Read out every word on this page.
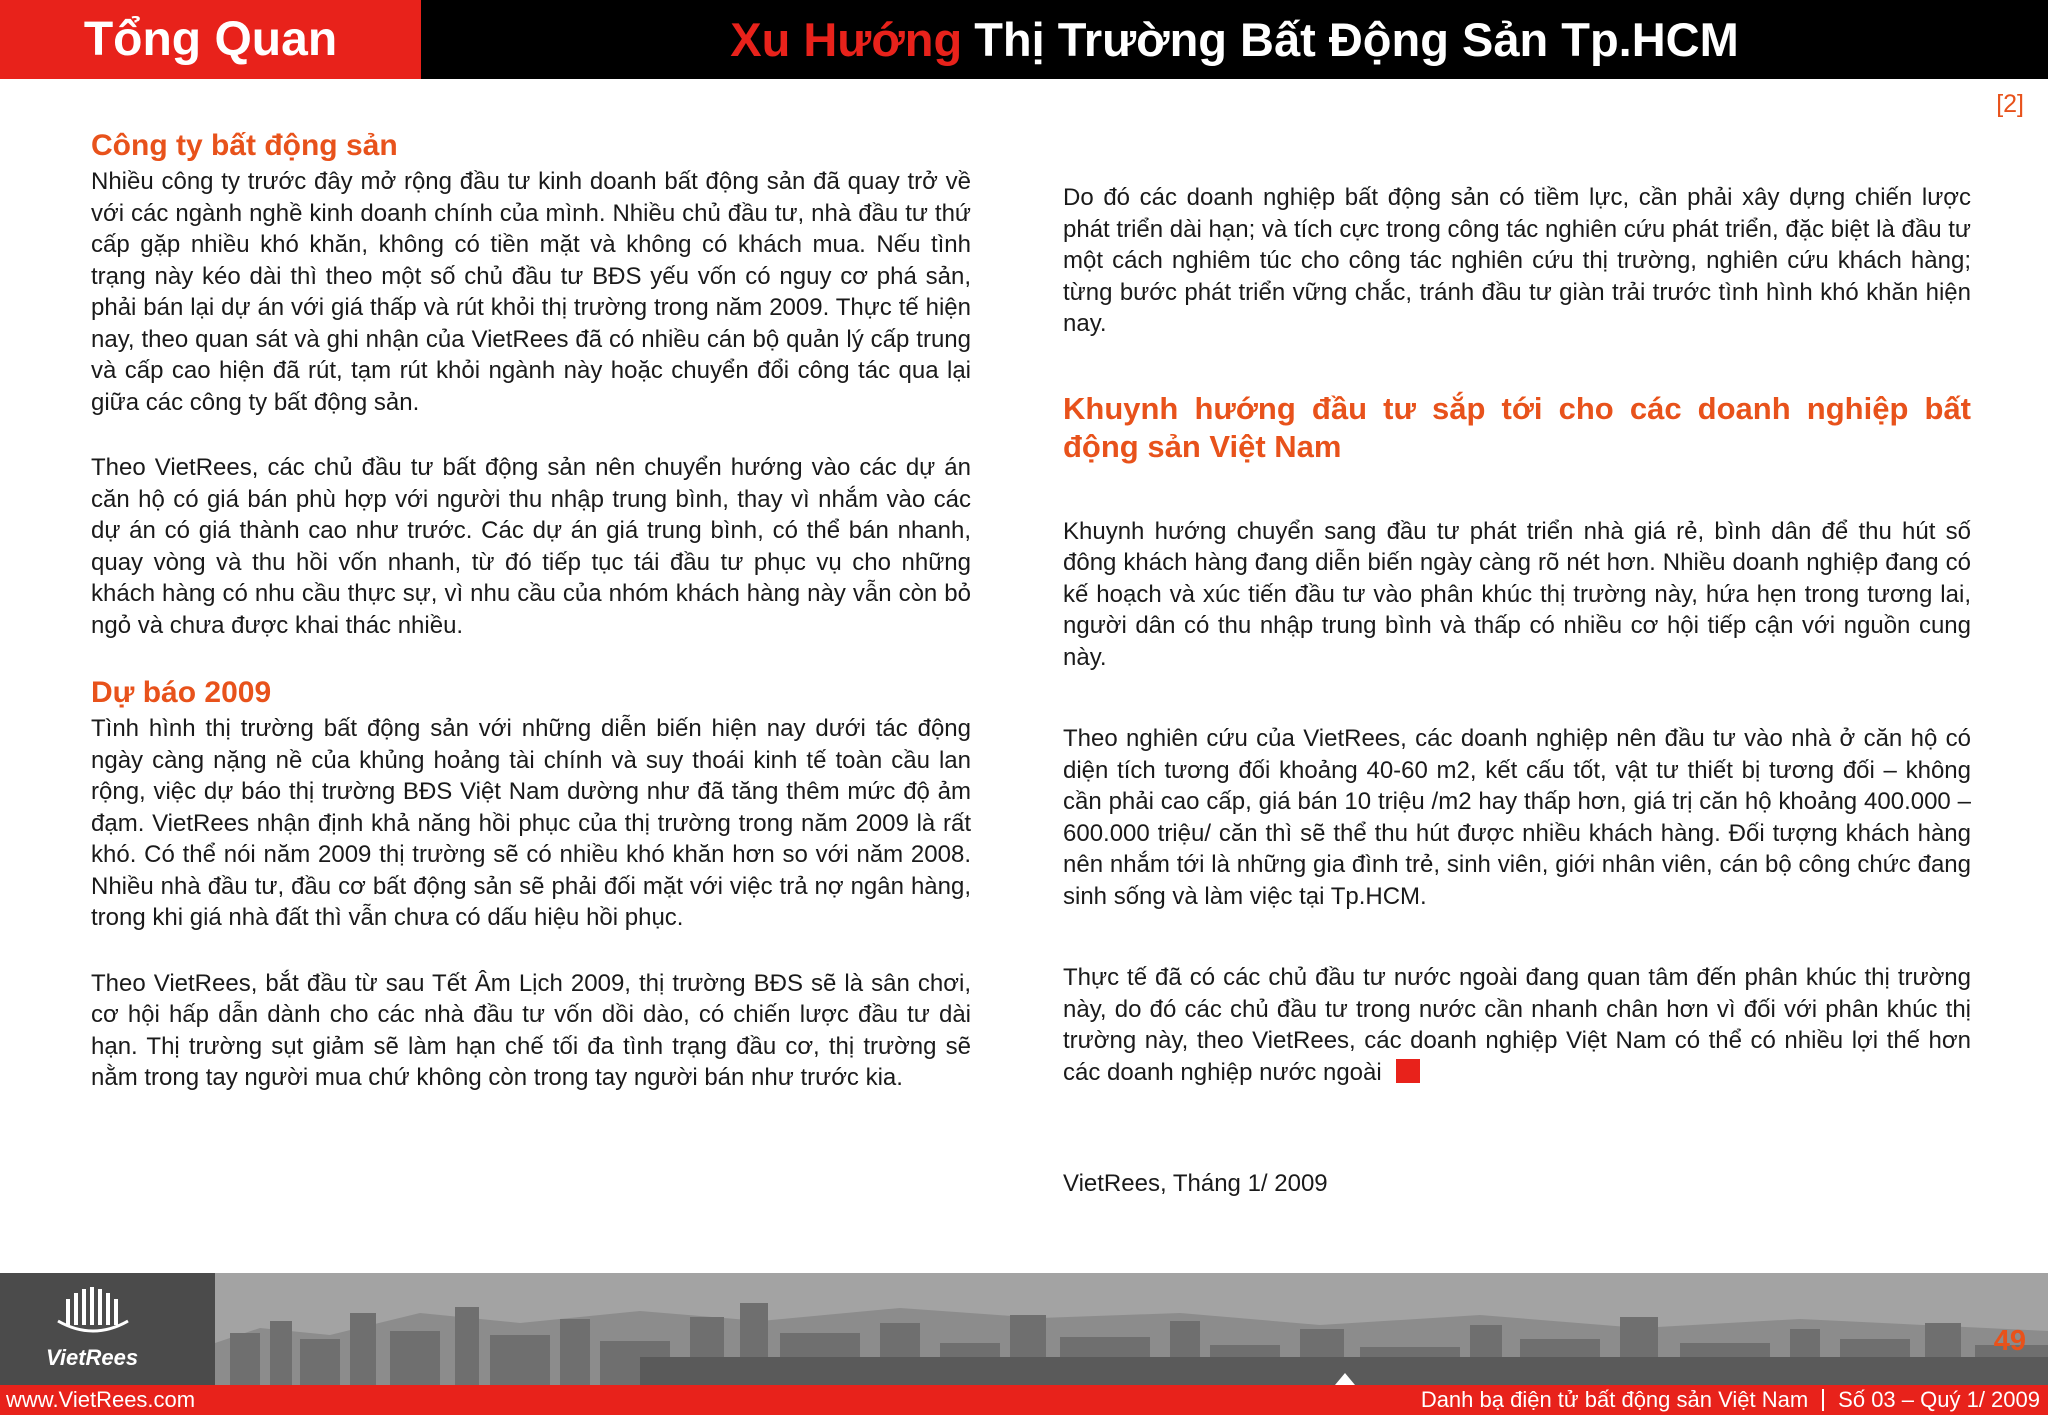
Tổng Quan	Xu Hướng Thị Trường Bất Động Sản Tp.HCM
[2]
Công ty bất động sản

Nhiều công ty trước đây mở rộng đầu tư kinh doanh bất động sản đã quay trở về với các ngành nghề kinh doanh chính của mình. Nhiều chủ đầu tư, nhà đầu tư thứ cấp gặp nhiều khó khăn, không có tiền mặt và không có khách mua. Nếu tình trạng này kéo dài thì theo một số chủ đầu tư BĐS yếu vốn có nguy cơ phá sản, phải bán lại dự án với giá thấp và rút khỏi thị trường trong năm 2009. Thực tế hiện nay, theo quan sát và ghi nhận của VietRees đã có nhiều cán bộ quản lý cấp trung và cấp cao hiện đã rút, tạm rút khỏi ngành này hoặc chuyển đổi công tác qua lại giữa các công ty bất động sản.

Theo VietRees, các chủ đầu tư bất động sản nên chuyển hướng vào các dự án căn hộ có giá bán phù hợp với người thu nhập trung bình, thay vì nhắm vào các dự án có giá thành cao như trước. Các dự án giá trung bình, có thể bán nhanh, quay vòng và thu hồi vốn nhanh, từ đó tiếp tục tái đầu tư phục vụ cho những khách hàng có nhu cầu thực sự, vì nhu cầu của nhóm khách hàng này vẫn còn bỏ ngỏ và chưa được khai thác nhiều.

Dự báo 2009

Tình hình thị trường bất động sản với những diễn biến hiện nay dưới tác động ngày càng nặng nề của khủng hoảng tài chính và suy thoái kinh tế toàn cầu lan rộng, việc dự báo thị trường BĐS Việt Nam dường như đã tăng thêm mức độ ảm đạm. VietRees nhận định khả năng hồi phục của thị trường trong năm 2009 là rất khó. Có thể nói năm 2009 thị trường sẽ có nhiều khó khăn hơn so với năm 2008. Nhiều nhà đầu tư, đầu cơ bất động sản sẽ phải đối mặt với việc trả nợ ngân hàng, trong khi giá nhà đất thì vẫn chưa có dấu hiệu hồi phục.

Theo VietRees, bắt đầu từ sau Tết Âm Lịch 2009, thị trường BĐS sẽ là sân chơi, cơ hội hấp dẫn dành cho các nhà đầu tư vốn dồi dào, có chiến lược đầu tư dài hạn. Thị trường sụt giảm sẽ làm hạn chế tối đa tình trạng đầu cơ, thị trường sẽ nằm trong tay người mua chứ không còn trong tay người bán như trước kia.

Do đó các doanh nghiệp bất động sản có tiềm lực, cần phải xây dựng chiến lược phát triển dài hạn; và tích cực trong công tác nghiên cứu phát triển, đặc biệt là đầu tư một cách nghiêm túc cho công tác nghiên cứu thị trường, nghiên cứu khách hàng; từng bước phát triển vững chắc, tránh đầu tư giàn trải trước tình hình khó khăn hiện nay.

Khuynh hướng đầu tư sắp tới cho các doanh nghiệp bất động sản Việt Nam

Khuynh hướng chuyển sang đầu tư phát triển nhà giá rẻ, bình dân để thu hút số đông khách hàng đang diễn biến ngày càng rõ nét hơn. Nhiều doanh nghiệp đang có kế hoạch và xúc tiến đầu tư vào phân khúc thị trường này, hứa hẹn trong tương lai, người dân có thu nhập trung bình và thấp có nhiều cơ hội tiếp cận với nguồn cung này.

Theo nghiên cứu của VietRees, các doanh nghiệp nên đầu tư vào nhà ở căn hộ có diện tích tương đối khoảng 40-60 m2, kết cấu tốt, vật tư thiết bị tương đối – không cần phải cao cấp, giá bán 10 triệu /m2 hay thấp hơn, giá trị căn hộ khoảng 400.000 – 600.000 triệu/ căn thì sẽ thể thu hút được nhiều khách hàng. Đối tượng khách hàng nên nhắm tới là những gia đình trẻ, sinh viên, giới nhân viên, cán bộ công chức đang sinh sống và làm việc tại Tp.HCM.

Thực tế đã có các chủ đầu tư nước ngoài đang quan tâm đến phân khúc thị trường này, do đó các chủ đầu tư trong nước cần nhanh chân hơn vì đối với phân khúc thị trường này, theo VietRees, các doanh nghiệp Việt Nam có thể có nhiều lợi thế hơn các doanh nghiệp nước ngoài

VietRees, Tháng 1/ 2009

VietRees
49
www.VietRees.com	Danh bạ điện tử bất động sản Việt Nam Số 03 – Quý 1/ 2009
